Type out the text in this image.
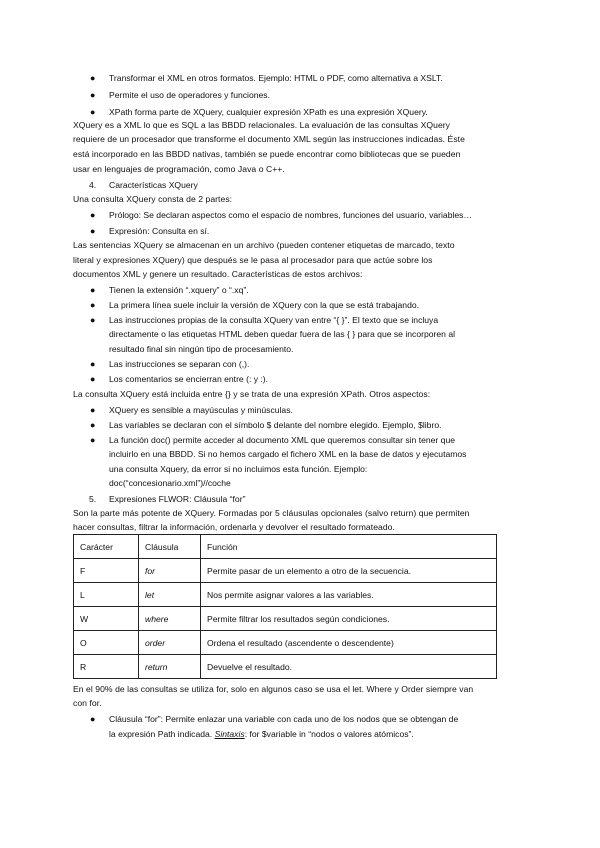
● Transformar el XML en otros formatos. Ejemplo: HTML o PDF, como alternativa a XSLT.
● Permite el uso de operadores y funciones.
● XPath forma parte de XQuery, cualquier expresión XPath es una expresión XQuery.
XQuery es a XML lo que es SQL a las BBDD relacionales. La evaluación de las consultas XQuery
requiere de un procesador que transforme el documento XML según las instrucciones indicadas. Éste
está incorporado en las BBDD nativas, también se puede encontrar como bibliotecas que se pueden
usar en lenguajes de programación, como Java o C++.
4. Características XQuery
Una consulta XQuery consta de 2 partes:
● Prólogo: Se declaran aspectos como el espacio de nombres, funciones del usuario, variables…
● Expresión: Consulta en sí.
Las sentencias XQuery se almacenan en un archivo (pueden contener etiquetas de marcado, texto
literal y expresiones XQuery) que después se le pasa al procesador para que actúe sobre los
documentos XML y genere un resultado. Características de estos archivos:
● Tienen la extensión “.xquery” o “.xq”.
● La primera línea suele incluir la versión de XQuery con la que se está trabajando.
● Las instrucciones propias de la consulta XQuery van entre “{ }”. El texto que se incluya
directamente o las etiquetas HTML deben quedar fuera de las { } para que se incorporen al
resultado final sin ningún tipo de procesamiento.
● Las instrucciones se separan con (,).
● Los comentarios se encierran entre (: y :).
La consulta XQuery está incluida entre {} y se trata de una expresión XPath. Otros aspectos:
● XQuery es sensible a mayúsculas y minúsculas.
● Las variables se declaran con el símbolo $ delante del nombre elegido. Ejemplo, $libro.
● La función doc() permite acceder al documento XML que queremos consultar sin tener que
incluirlo en una BBDD. Si no hemos cargado el fichero XML en la base de datos y ejecutamos
una consulta Xquery, da error si no incluimos esta función. Ejemplo:
doc(“concesionario.xml”)//coche
5. Expresiones FLWOR: Cláusula “for”
Son la parte más potente de XQuery. Formadas por 5 cláusulas opcionales (salvo return) que permiten
hacer consultas, filtrar la información, ordenarla y devolver el resultado formateado.
Carácter	Cláusula	Función
F	for	Permite pasar de un elemento a otro de la secuencia.
L	let	Nos permite asignar valores a las variables.
W	where	Permite filtrar los resultados según condiciones.
O	order	Ordena el resultado (ascendente o descendente)
R	return	Devuelve el resultado.
En el 90% de las consultas se utiliza for, solo en algunos caso se usa el let. Where y Order siempre van
con for.
● Cláusula “for”: Permite enlazar una variable con cada uno de los nodos que se obtengan de
la expresión Path indicada. Sintaxis: for $variable in “nodos o valores atómicos”.
